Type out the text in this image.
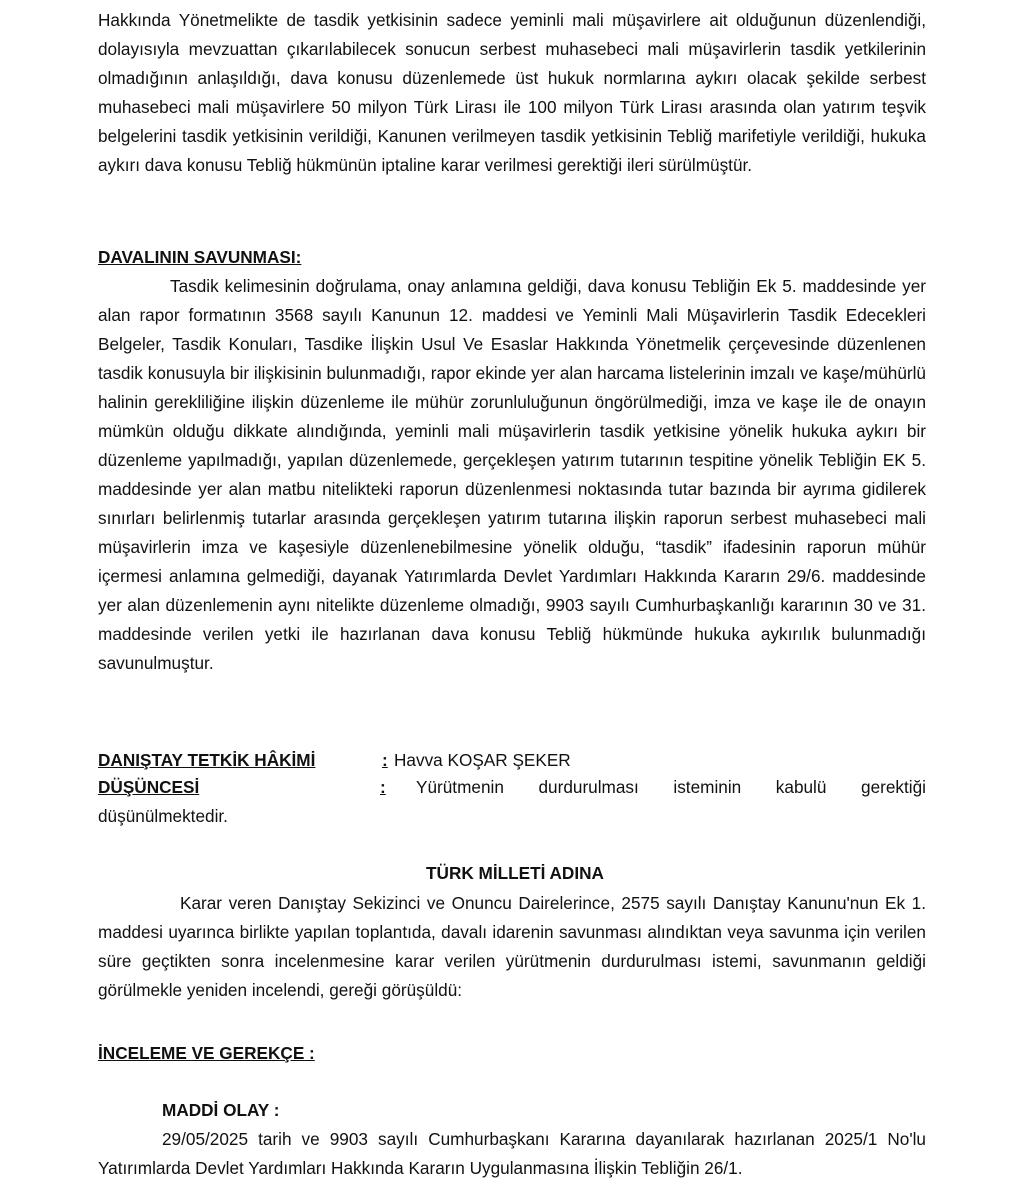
Hakkında Yönetmelikte de tasdik yetkisinin sadece yeminli mali müşavirlere ait olduğunun düzenlendiği, dolayısıyla mevzuattan çıkarılabilecek sonucun serbest muhasebeci mali müşavirlerin tasdik yetkilerinin olmadığının anlaşıldığı, dava konusu düzenlemede üst hukuk normlarına aykırı olacak şekilde serbest muhasebeci mali müşavirlere 50 milyon Türk Lirası ile 100 milyon Türk Lirası arasında olan yatırım teşvik belgelerini tasdik yetkisinin verildiği, Kanunen verilmeyen tasdik yetkisinin Tebliğ marifetiyle verildiği, hukuka aykırı dava konusu Tebliğ hükmünün iptaline karar verilmesi gerektiği ileri sürülmüştür.

DAVALININ SAVUNMASI:

Tasdik kelimesinin doğrulama, onay anlamına geldiği, dava konusu Tebliğin Ek 5. maddesinde yer alan rapor formatının 3568 sayılı Kanunun 12. maddesi ve Yeminli Mali Müşavirlerin Tasdik Edecekleri Belgeler, Tasdik Konuları, Tasdike İlişkin Usul Ve Esaslar Hakkında Yönetmelik çerçevesinde düzenlenen tasdik konusuyla bir ilişkisinin bulunmadığı, rapor ekinde yer alan harcama listelerinin imzalı ve kaşe/mühürlü halinin gerekliliğine ilişkin düzenleme ile mühür zorunluluğunun öngörülmediği, imza ve kaşe ile de onayın mümkün olduğu dikkate alındığında, yeminli mali müşavirlerin tasdik yetkisine yönelik hukuka aykırı bir düzenleme yapılmadığı, yapılan düzenlemede, gerçekleşen yatırım tutarının tespitine yönelik Tebliğin EK 5. maddesinde yer alan matbu nitelikteki raporun düzenlenmesi noktasında tutar bazında bir ayrıma gidilerek sınırları belirlenmiş tutarlar arasında gerçekleşen yatırım tutarına ilişkin raporun serbest muhasebeci mali müşavirlerin imza ve kaşesiyle düzenlenebilmesine yönelik olduğu, “tasdik” ifadesinin raporun mühür içermesi anlamına gelmediği, dayanak Yatırımlarda Devlet Yardımları Hakkında Kararın 29/6. maddesinde yer alan düzenlemenin aynı nitelikte düzenleme olmadığı, 9903 sayılı Cumhurbaşkanlığı kararının 30 ve 31. maddesinde verilen yetki ile hazırlanan dava konusu Tebliğ hükmünde hukuka aykırılık bulunmadığı savunulmuştur.

DANIŞTAY TETKİK HÂKİMİ	: Havva KOŞAR ŞEKER
DÜŞÜNCESİ	: Yürütmenin durdurulması isteminin kabulü gerektiği
düşünülmektedir.
TÜRK MİLLETİ ADINA

Karar veren Danıştay Sekizinci ve Onuncu Dairelerince, 2575 sayılı Danıştay Kanunu'nun Ek 1. maddesi uyarınca birlikte yapılan toplantıda, davalı idarenin savunması alındıktan veya savunma için verilen süre geçtikten sonra incelenmesine karar verilen yürütmenin durdurulması istemi, savunmanın geldiği görülmekle yeniden incelendi, gereği görüşüldü:

İNCELEME VE GEREKÇE :
MADDİ OLAY :

29/05/2025 tarih ve 9903 sayılı Cumhurbaşkanı Kararına dayanılarak hazırlanan 2025/1 No'lu Yatırımlarda Devlet Yardımları Hakkında Kararın Uygulanmasına İlişkin Tebliğin 26/1.
